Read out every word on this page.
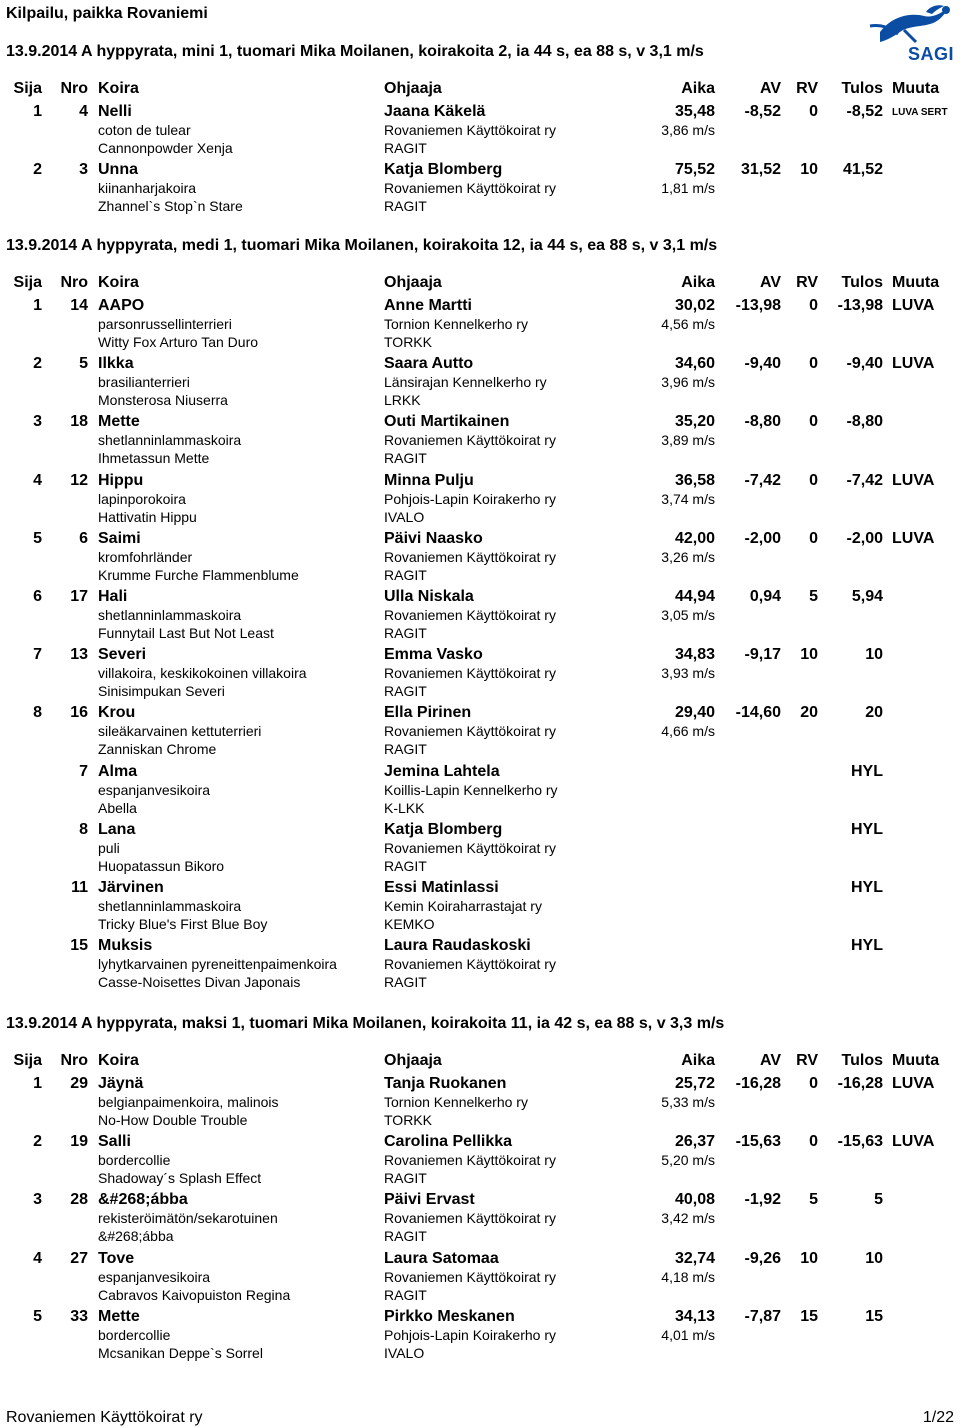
Kilpailu, paikka Rovaniemi
SAGI
13.9.2014 A hyppyrata, mini 1, tuomari Mika Moilanen, koirakoita 2, ia 44 s, ea 88 s, v 3,1 m/s
Sija	Nro Koira	Ohjaaja	Aika	AV RV	Tulos Muuta
1	4 Nelli	Jaana Käkelä	35,48	-8,52	0	-8,52 LUVA SERT
coton de tulear	Rovaniemen Käyttökoirat ry	3,86 m/s
Cannonpowder Xenja	RAGIT
2	3 Unna	Katja Blomberg	75,52	31,52	10	41,52
kiinanharjakoira	Rovaniemen Käyttökoirat ry	1,81 m/s
Zhannel`s Stop`n Stare	RAGIT
13.9.2014 A hyppyrata, medi 1, tuomari Mika Moilanen, koirakoita 12, ia 44 s, ea 88 s, v 3,1 m/s
Sija	Nro Koira	Ohjaaja	Aika	AV RV	Tulos Muuta
1	14 AAPO	Anne Martti	30,02	-13,98	0	-13,98 LUVA
parsonrussellinterrieri	Tornion Kennelkerho ry	4,56 m/s
Witty Fox Arturo Tan Duro	TORKK
2	5 Ilkka	Saara Autto	34,60	-9,40	0	-9,40 LUVA
brasilianterrieri	Länsirajan Kennelkerho ry	3,96 m/s
Monsterosa Niuserra	LRKK
3	18 Mette	Outi Martikainen	35,20	-8,80	0	-8,80
shetlanninlammaskoira	Rovaniemen Käyttökoirat ry	3,89 m/s
Ihmetassun Mette	RAGIT
4	12 Hippu	Minna Pulju	36,58	-7,42	0	-7,42 LUVA
lapinporokoira	Pohjois-Lapin Koirakerho ry	3,74 m/s
Hattivatin Hippu	IVALO
5	6 Saimi	Päivi Naasko	42,00	-2,00	0	-2,00 LUVA
kromfohrländer	Rovaniemen Käyttökoirat ry	3,26 m/s
Krumme Furche Flammenblume	RAGIT
6	17 Hali	Ulla Niskala	44,94	0,94	5	5,94
shetlanninlammaskoira	Rovaniemen Käyttökoirat ry	3,05 m/s
Funnytail Last But Not Least	RAGIT
7	13 Severi	Emma Vasko	34,83	-9,17	10	10
villakoira, keskikokoinen villakoira	Rovaniemen Käyttökoirat ry	3,93 m/s
Sinisimpukan Severi	RAGIT
8	16 Krou	Ella Pirinen	29,40	-14,60	20	20
sileäkarvainen kettuterrieri	Rovaniemen Käyttökoirat ry	4,66 m/s
Zanniskan Chrome	RAGIT
7 Alma	Jemina Lahtela	HYL
espanjanvesikoira	Koillis-Lapin Kennelkerho ry
Abella	K-LKK
8 Lana	Katja Blomberg	HYL
puli	Rovaniemen Käyttökoirat ry
Huopatassun Bikoro	RAGIT
11 Järvinen	Essi Matinlassi	HYL
shetlanninlammaskoira	Kemin Koiraharrastajat ry
Tricky Blue's First Blue Boy	KEMKO
15 Muksis	Laura Raudaskoski	HYL
lyhytkarvainen pyreneittenpaimenkoira	Rovaniemen Käyttökoirat ry
Casse-Noisettes Divan Japonais	RAGIT
13.9.2014 A hyppyrata, maksi 1, tuomari Mika Moilanen, koirakoita 11, ia 42 s, ea 88 s, v 3,3 m/s
Sija	Nro Koira	Ohjaaja	Aika	AV RV	Tulos Muuta
1	29 Jäynä	Tanja Ruokanen	25,72	-16,28	0	-16,28 LUVA
belgianpaimenkoira, malinois	Tornion Kennelkerho ry	5,33 m/s
No-How Double Trouble	TORKK
2	19 Salli	Carolina Pellikka	26,37	-15,63	0	-15,63 LUVA
bordercollie	Rovaniemen Käyttökoirat ry	5,20 m/s
Shadoway´s Splash Effect	RAGIT
3	28 &#268;ábba	Päivi Ervast	40,08	-1,92	5	5
rekisteröimätön/sekarotuinen	Rovaniemen Käyttökoirat ry	3,42 m/s
&#268;ábba	RAGIT
4	27 Tove	Laura Satomaa	32,74	-9,26	10	10
espanjanvesikoira	Rovaniemen Käyttökoirat ry	4,18 m/s
Cabravos Kaivopuiston Regina	RAGIT
5	33 Mette	Pirkko Meskanen	34,13	-7,87	15	15
bordercollie	Pohjois-Lapin Koirakerho ry	4,01 m/s
Mcsanikan Deppe`s Sorrel	IVALO
Rovaniemen Käyttökoirat ry	1/22
